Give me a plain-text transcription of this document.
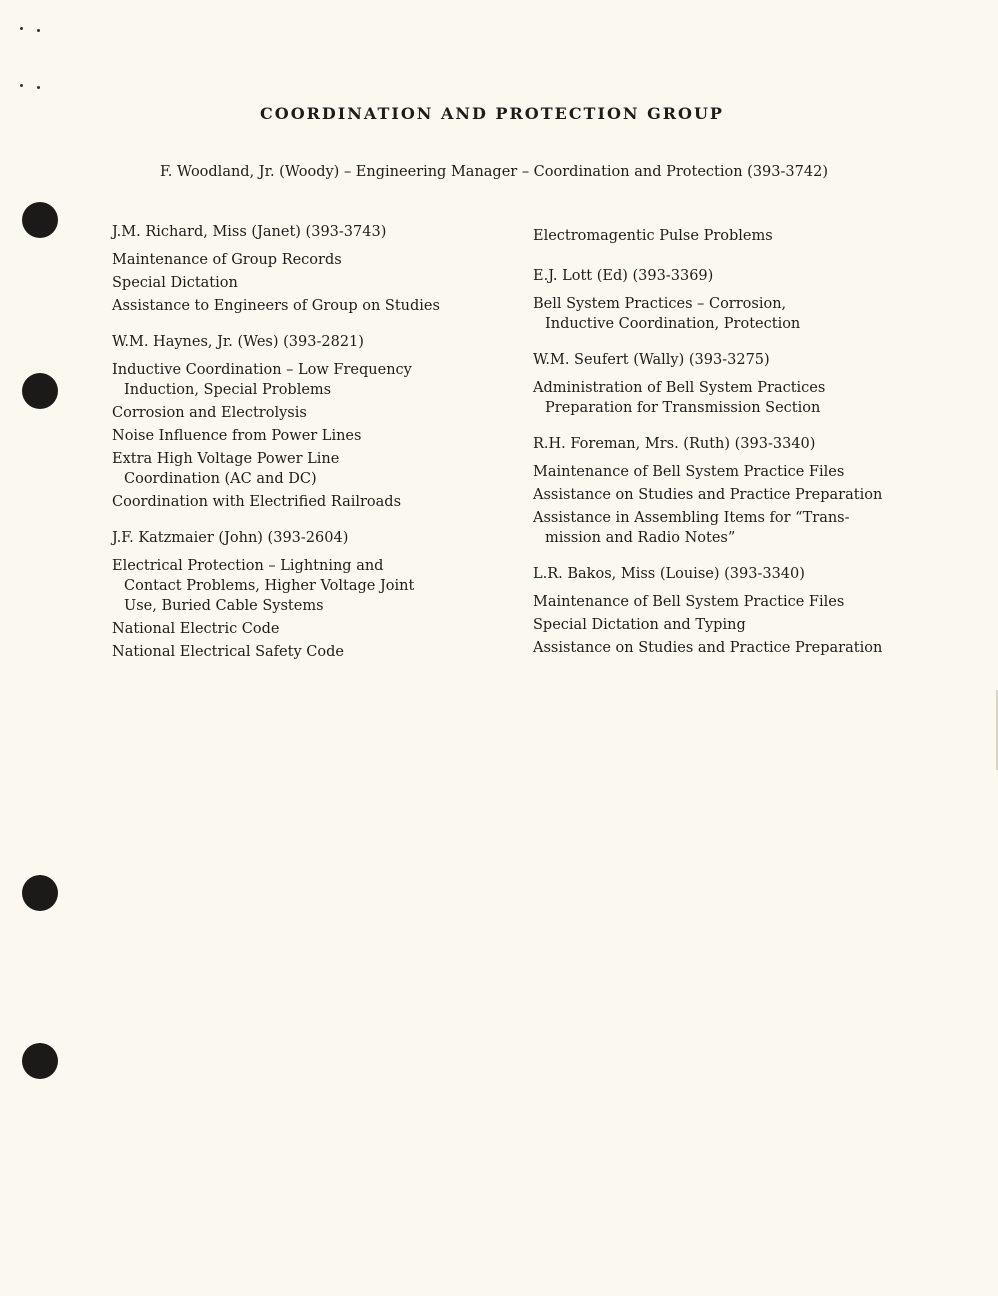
COORDINATION AND PROTECTION GROUP
F. Woodland, Jr. (Woody) – Engineering Manager – Coordination and Protection (393-3742)
J.M. Richard, Miss (Janet) (393-3743)
Maintenance of Group Records
Special Dictation
Assistance to Engineers of Group on Studies
W.M. Haynes, Jr. (Wes) (393-2821)
Inductive Coordination – Low Frequency
Induction, Special Problems
Corrosion and Electrolysis
Noise Influence from Power Lines
Extra High Voltage Power Line
Coordination (AC and DC)
Coordination with Electrified Railroads
J.F. Katzmaier (John) (393-2604)
Electrical Protection – Lightning and
Contact Problems, Higher Voltage Joint
Use, Buried Cable Systems
National Electric Code
National Electrical Safety Code
Electromagentic Pulse Problems
E.J. Lott (Ed) (393-3369)
Bell System Practices – Corrosion,
Inductive Coordination, Protection
W.M. Seufert (Wally) (393-3275)
Administration of Bell System Practices
Preparation for Transmission Section
R.H. Foreman, Mrs. (Ruth) (393-3340)
Maintenance of Bell System Practice Files
Assistance on Studies and Practice Preparation
Assistance in Assembling Items for “Trans-
mission and Radio Notes”
L.R. Bakos, Miss (Louise) (393-3340)
Maintenance of Bell System Practice Files
Special Dictation and Typing
Assistance on Studies and Practice Preparation
